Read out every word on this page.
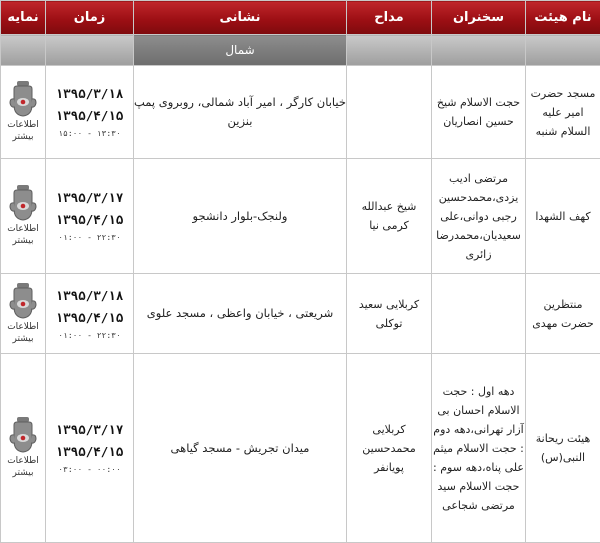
نام هیئت	سخنران	مداح	نشانی	زمان	نمایه
			شمال		
مسجد حضرت امیر علیه السلام شنبه	حجت الاسلام شیخ حسین انصاریان		خیابان کارگر ، امیر آباد شمالی، روبروی پمپ بنزین	۱۳۹۵/۳/۱۸
۱۳۹۵/۴/۱۵
۱۵:۰۰ - ۱۳:۳۰	اطلاعات بیشتر

کهف الشهدا	مرتضی ادیب یزدی،محمدحسین رجبی دوانی،علی سعیدیان،محمدرضا زائری	شیخ عبدالله کرمی نیا	ولنجک-بلوار دانشجو	۱۳۹۵/۳/۱۷
۱۳۹۵/۴/۱۵
۰۱:۰۰ - ۲۲:۳۰	اطلاعات بیشتر

منتظرین حضرت مهدی		کربلایی سعید توکلی	شریعتی ، خیابان واعظی ، مسجد علوی	۱۳۹۵/۳/۱۸
۱۳۹۵/۴/۱۵
۰۱:۰۰ - ۲۲:۳۰	اطلاعات بیشتر

هیئت ریحانة النبی(س)	دهه اول : حجت الاسلام احسان بی آزار تهرانی،دهه دوم : حجت الاسلام میثم علی پناه،دهه سوم : حجت الاسلام سید مرتضی شجاعی	کربلایی محمدحسین پویانفر	میدان تجریش - مسجد گیاهی	۱۳۹۵/۳/۱۷
۱۳۹۵/۴/۱۵
۰۳:۰۰ - ۰۰:۰۰	اطلاعات بیشتر
